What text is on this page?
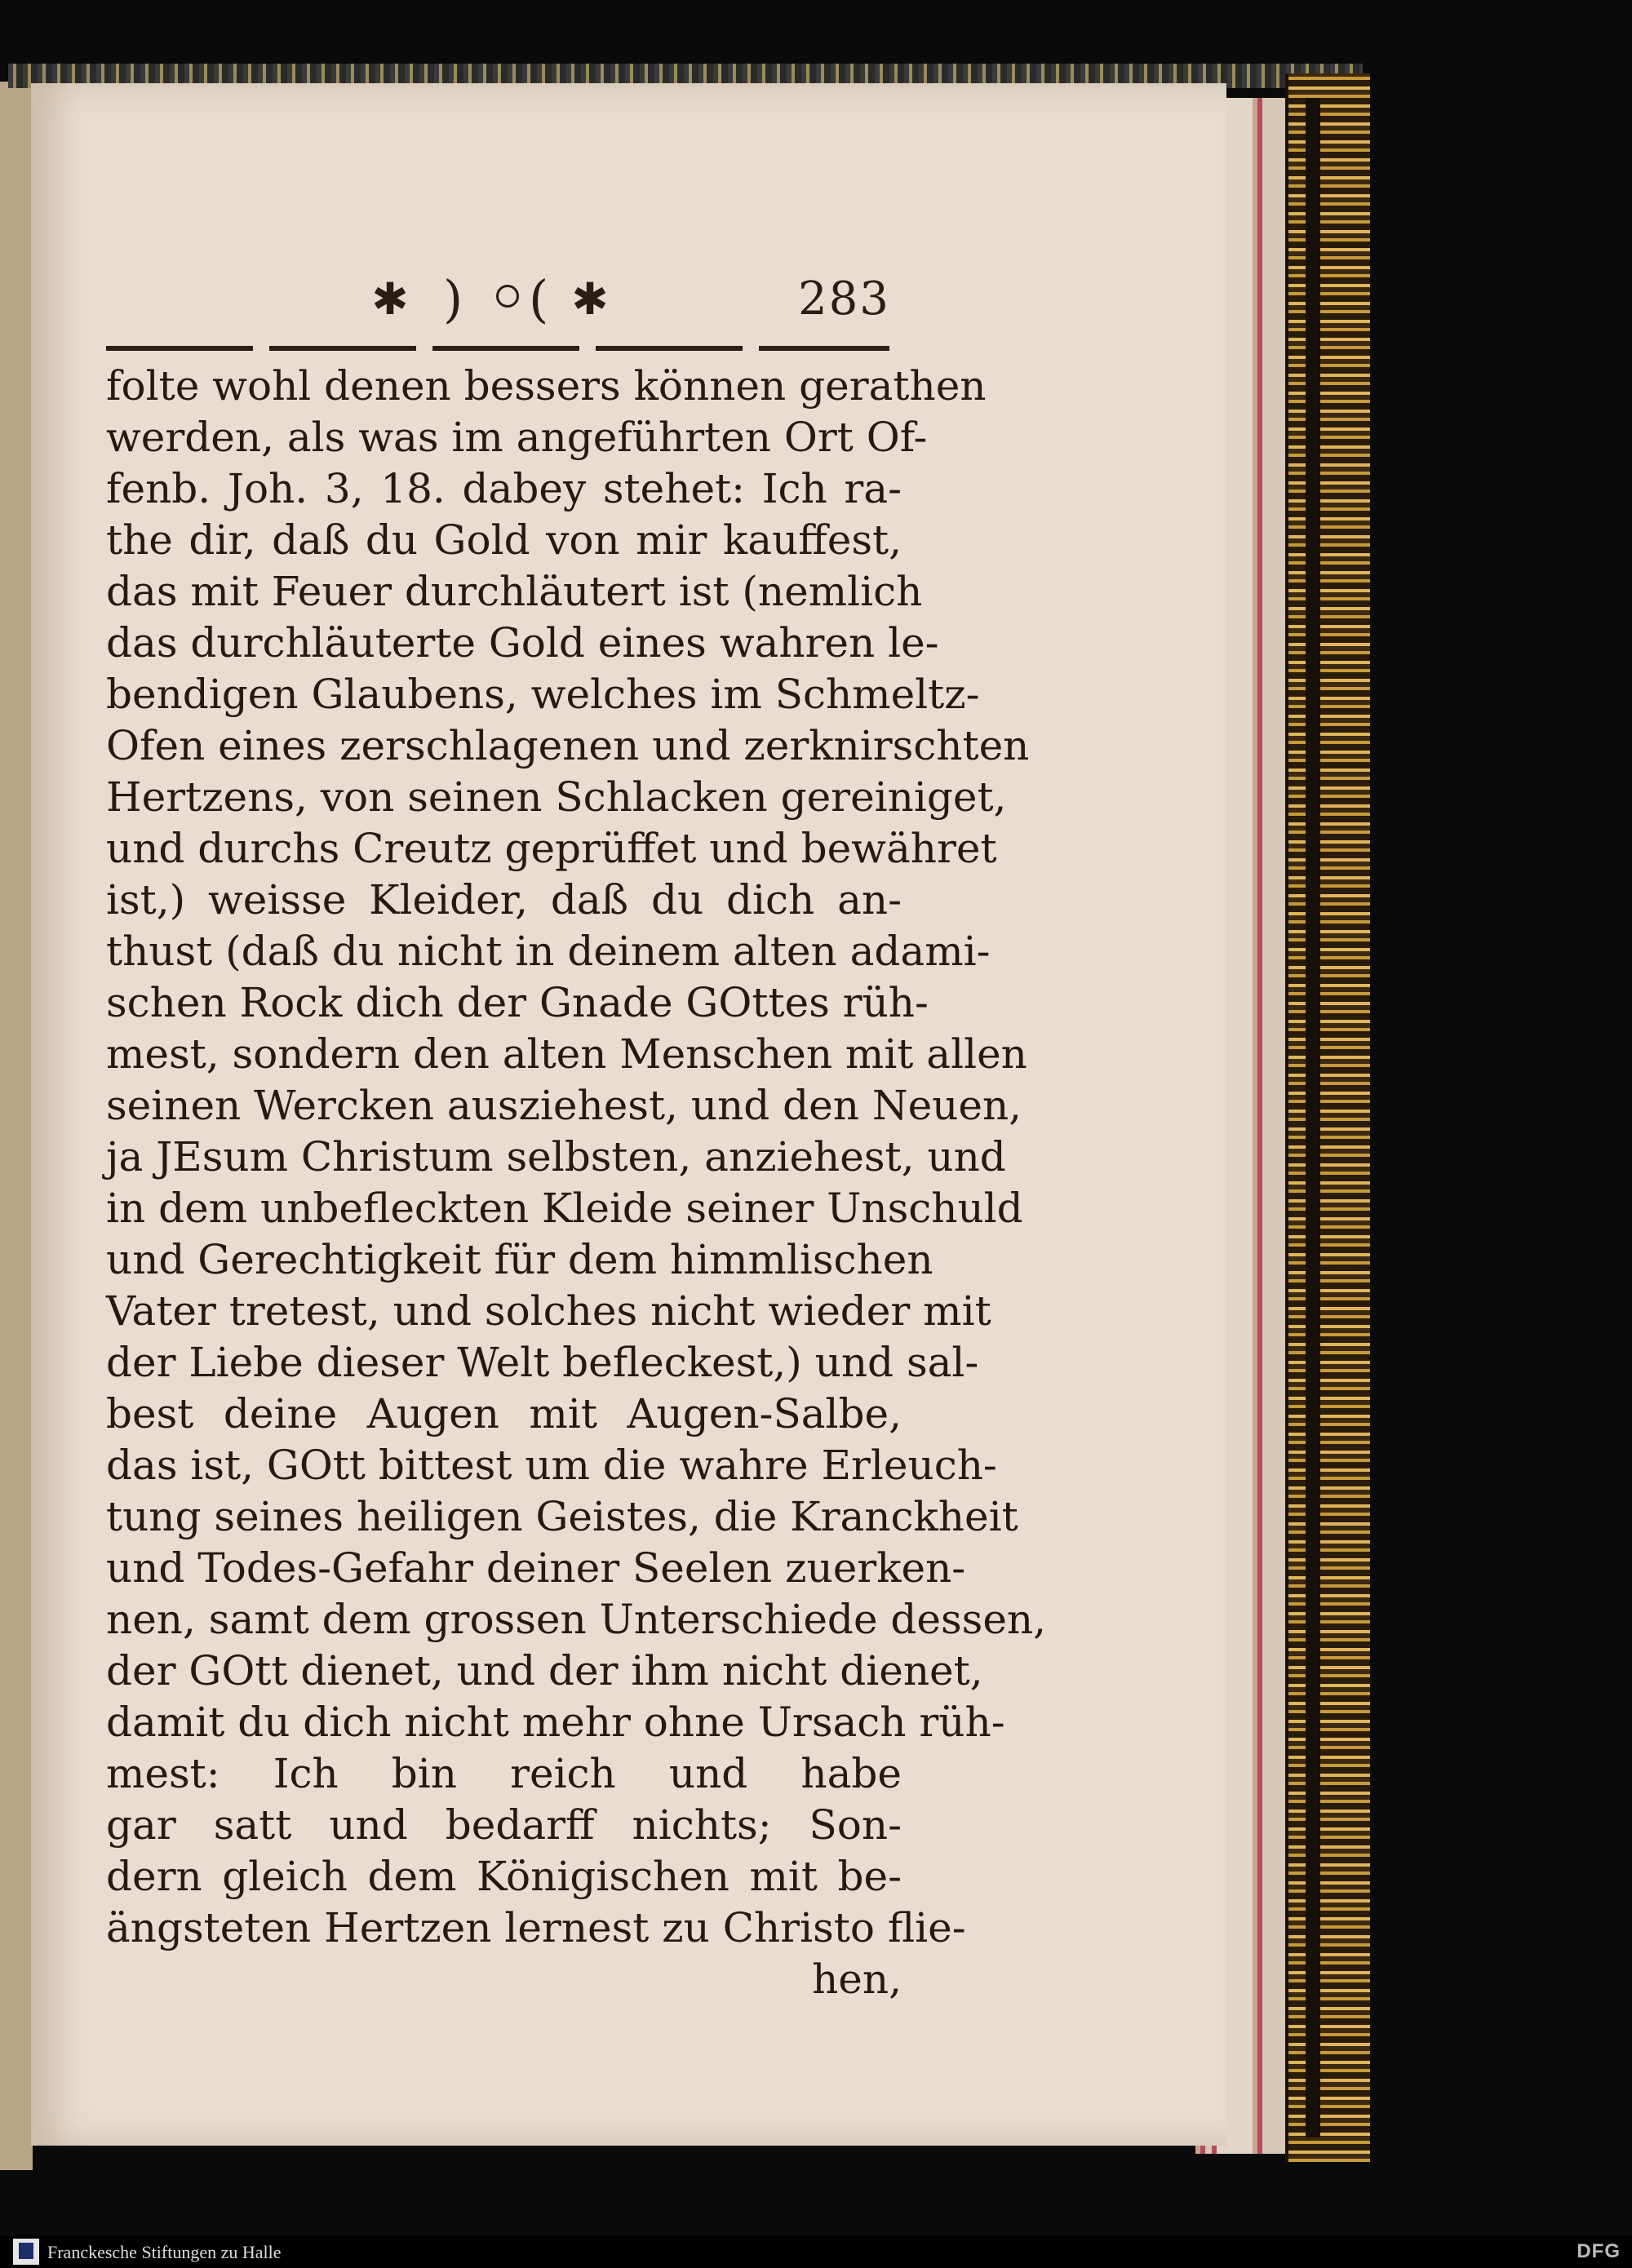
✱ ) ( ✱	283
folte wohl denen bessers können gerathen
werden, als was im angeführten Ort Of-
fenb. Joh. 3, 18. dabey stehet: Ich ra-
the dir, daß du Gold von mir kauffest,
das mit Feuer durchläutert ist (nemlich
das durchläuterte Gold eines wahren le-
bendigen Glaubens, welches im Schmeltz-
Ofen eines zerschlagenen und zerknirschten
Hertzens, von seinen Schlacken gereiniget,
und durchs Creutz geprüffet und bewähret
ist,) weisse Kleider, daß du dich an-
thust (daß du nicht in deinem alten adami-
schen Rock dich der Gnade GOttes rüh-
mest, sondern den alten Menschen mit allen
seinen Wercken ausziehest, und den Neuen,
ja JEsum Christum selbsten, anziehest, und
in dem unbefleckten Kleide seiner Unschuld
und Gerechtigkeit für dem himmlischen
Vater tretest, und solches nicht wieder mit
der Liebe dieser Welt befleckest,) und sal-
best deine Augen mit Augen-Salbe,
das ist, GOtt bittest um die wahre Erleuch-
tung seines heiligen Geistes, die Kranckheit
und Todes-Gefahr deiner Seelen zuerken-
nen, samt dem grossen Unterschiede dessen,
der GOtt dienet, und der ihm nicht dienet,
damit du dich nicht mehr ohne Ursach rüh-
mest: Ich bin reich und habe
gar satt und bedarff nichts; Son-
dern gleich dem Königischen mit be-
ängsteten Hertzen lernest zu Christo flie-
hen,
Franckesche Stiftungen zu Halle	DFG
